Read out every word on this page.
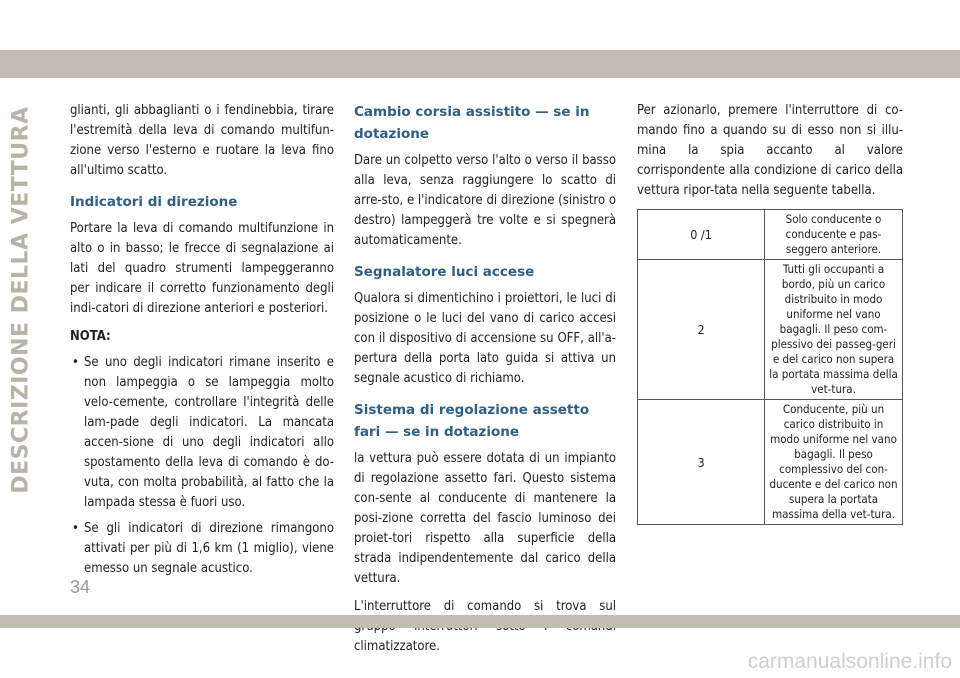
DESCRIZIONE DELLA VETTURA	glianti, gli abbaglianti o i fendinebbia, tirare l'estremità della leva di comando multifun-zione verso l'esterno e ruotare la leva fino all'ultimo scatto.

Indicatori di direzione

Portare la leva di comando multifunzione in alto o in basso; le frecce di segnalazione ai lati del quadro strumenti lampeggeranno per indicare il corretto funzionamento degli indi-catori di direzione anteriori e posteriori.

NOTA:
• Se uno degli indicatori rimane inserito e non lampeggia o se lampeggia molto velo-cemente, controllare l'integrità delle lam-pade degli indicatori. La mancata accen-sione di uno degli indicatori allo spostamento della leva di comando è do-vuta, con molta probabilità, al fatto che la lampada stessa è fuori uso.
• Se gli indicatori di direzione rimangono attivati per più di 1,6 km (1 miglio), viene emesso un segnale acustico.
Cambio corsia assistito — se in dotazione

Dare un colpetto verso l'alto o verso il basso alla leva, senza raggiungere lo scatto di arre-sto, e l'indicatore di direzione (sinistro o destro) lampeggerà tre volte e si spegnerà automaticamente.

Segnalatore luci accese

Qualora si dimentichino i proiettori, le luci di posizione o le luci del vano di carico accesi con il dispositivo di accensione su OFF, all'a-pertura della porta lato guida si attiva un segnale acustico di richiamo.

Sistema di regolazione assetto fari — se in dotazione

la vettura può essere dotata di un impianto di regolazione assetto fari. Questo sistema con-sente al conducente di mantenere la posi-zione corretta del fascio luminoso dei proiet-tori rispetto alla superficie della strada indipendentemente dal carico della vettura.

L'interruttore di comando si trova sul climatizzatore.

Per azionarlo, premere l'interruttore di co-mando fino a quando su di esso non si illu-mina la spia accanto al valore corrispondente alla condizione di carico della vettura ripor-tata nella seguente tabella.

0 /1	Solo conducente o conducente e pas-seggero anteriore.
2	Tutti gli occupanti a bordo, più un carico distribuito in modo uniforme nel vano bagagli. Il peso com-plessivo dei passeg-geri e del carico non supera la portata massima della vet-tura.
3	Conducente, più un carico distribuito in modo uniforme nel vano bagagli. Il peso complessivo del con-ducente e del carico non supera la portata massima della vet-tura.
34
carmanualsonline.info
